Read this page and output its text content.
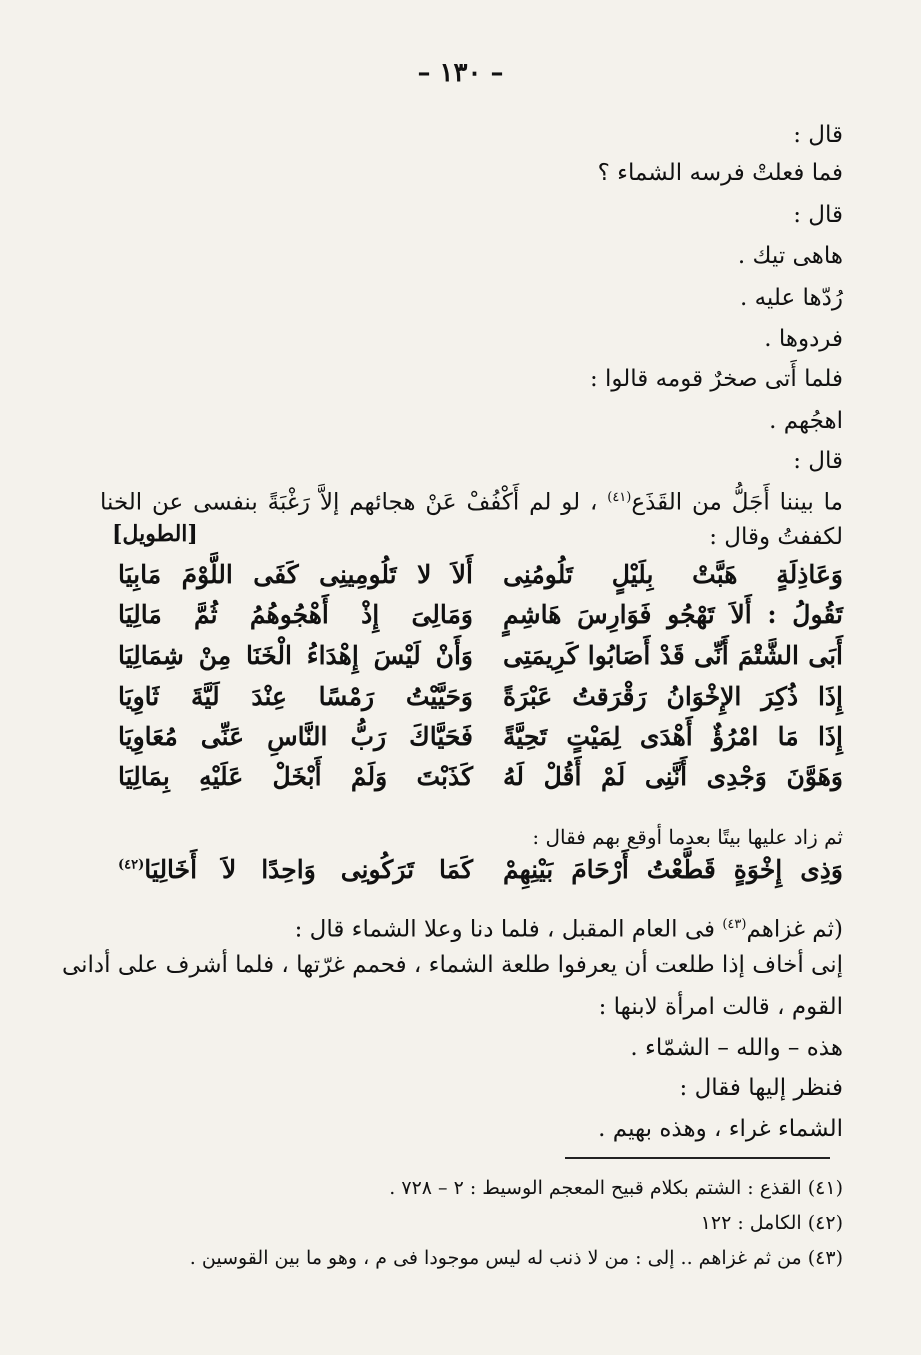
– ١٣٠ –
قال :
فما فعلتْ فرسه الشماء ؟
قال :
هاهى تيك .
رُدّها عليه .
فردوها .
فلما أَتى صخرٌ قومه قالوا :
اهجُهم .
قال :
ما بيننا أَجَلُّ من القَذَع$^{(٤١)}$ ، لو لم أَكْفُفْ عَنْ هجائهم إلاَّ رَغْبَةً بنفسى عن الخنا
لكففتُ وقال :
[الطويل]
وَعَاذِلَةٍ هَبَّتْ بِلَيْلٍ تَلُومُنِى
أَلاَ لا تَلُومِينِى كَفَى اللَّوْمَ مَابِيَا
تَقُولُ : أَلاَ تَهْجُو فَوَارِسَ هَاشِمٍ
وَمَالِىَ إِذْ أَهْجُوهُمُ ثُمَّ مَالِيَا
أَبَى الشَّتْمَ أَنِّى قَدْ أَصَابُوا كَرِيمَتِى
وَأَنْ لَيْسَ إِهْدَاءُ الْخَنَا مِنْ شِمَالِيَا
إِذَا ذُكِرَ الإِخْوَانُ رَقْرَقتُ عَبْرَةً
وَحَيَّيْتُ رَمْسًا عِنْدَ لَيَّةَ ثَاوِيَا
إِذَا مَا امْرُؤٌ أَهْدَى لِمَيْتٍ تَحِيَّةً
فَحَيَّاكَ رَبُّ النَّاسِ عَنِّى مُعَاوِيَا
وَهَوَّنَ وَجْدِى أَنَّنِى لَمْ أَقُلْ لَهُ
كَذَبْتَ وَلَمْ أَبْخَلْ عَلَيْهِ بِمَالِيَا
ثم زاد عليها بيتًا بعدما أوقع بهم فقال :
وَذِى إِخْوَةٍ قَطَّعْتُ أَرْحَامَ بَيْنِهِمْ
كَمَا تَرَكُونِى وَاحِدًا لاَ أَخَالِيَا$^{(٤٢)}$
(ثم غزاهم$^{(٤٣)}$ فى العام المقبل ، فلما دنا وعلا الشماء قال :
إنى أخاف إذا طلعت أن يعرفوا طلعة الشماء ، فحمم غرّتها ، فلما أشرف على أدانى
القوم ، قالت امرأة لابنها :
هذه – والله – الشمّاء .
فنظر إليها فقال :
الشماء غراء ، وهذه بهيم .
(٤١) القذع : الشتم بكلام قبيح المعجم الوسيط : ٢ – ٧٢٨ .
(٤٢) الكامل : ١٢٢
(٤٣) من ثم غزاهم .. إلى : من لا ذنب له ليس موجودا فى م ، وهو ما بين القوسين .
